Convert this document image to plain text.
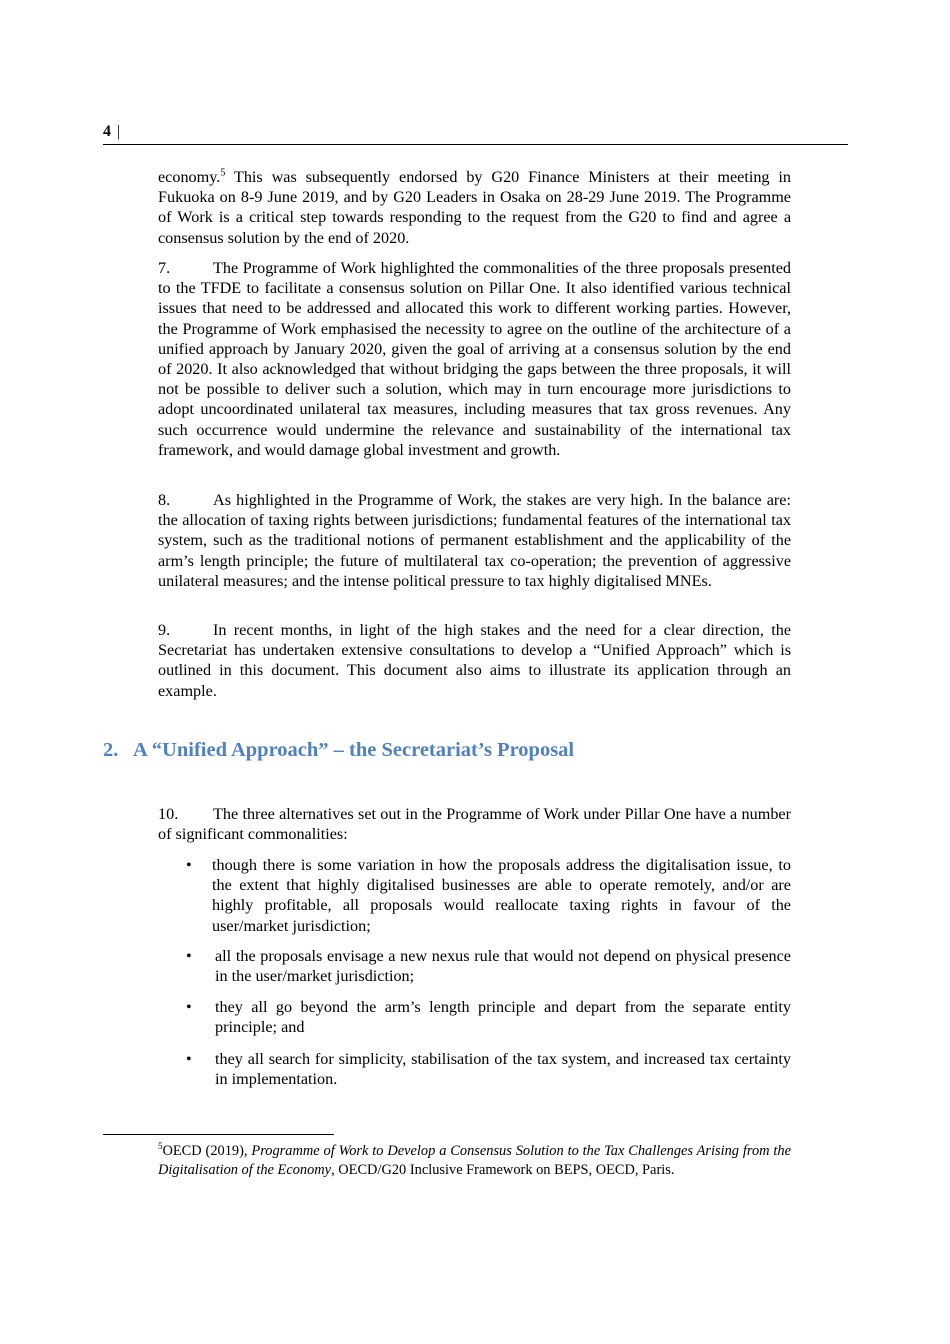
4 |

economy.$^5$ This was subsequently endorsed by G20 Finance Ministers at their meeting in Fukuoka on 8-9 June 2019, and by G20 Leaders in Osaka on 28-29 June 2019. The Programme of Work is a critical step towards responding to the request from the G20 to find and agree a consensus solution by the end of 2020.

7.	The Programme of Work highlighted the commonalities of the three proposals presented to the TFDE to facilitate a consensus solution on Pillar One. It also identified various technical issues that need to be addressed and allocated this work to different working parties. However, the Programme of Work emphasised the necessity to agree on the outline of the architecture of a unified approach by January 2020, given the goal of arriving at a consensus solution by the end of 2020. It also acknowledged that without bridging the gaps between the three proposals, it will not be possible to deliver such a solution, which may in turn encourage more jurisdictions to adopt uncoordinated unilateral tax measures, including measures that tax gross revenues. Any such occurrence would undermine the relevance and sustainability of the international tax framework, and would damage global investment and growth.

8.	As highlighted in the Programme of Work, the stakes are very high. In the balance are: the allocation of taxing rights between jurisdictions; fundamental features of the international tax system, such as the traditional notions of permanent establishment and the applicability of the arm’s length principle; the future of multilateral tax co-operation; the prevention of aggressive unilateral measures; and the intense political pressure to tax highly digitalised MNEs.

9.	In recent months, in light of the high stakes and the need for a clear direction, the Secretariat has undertaken extensive consultations to develop a “Unified Approach” which is outlined in this document. This document also aims to illustrate its application through an example.

2. A “Unified Approach” – the Secretariat’s Proposal

10. The three alternatives set out in the Programme of Work under Pillar One have a number of significant commonalities:

• though there is some variation in how the proposals address the digitalisation issue, to the extent that highly digitalised businesses are able to operate remotely, and/or are highly profitable, all proposals would reallocate taxing rights in favour of the user/market jurisdiction;
• all the proposals envisage a new nexus rule that would not depend on physical presence in the user/market jurisdiction;
• they all go beyond the arm’s length principle and depart from the separate entity principle; and
• they all search for simplicity, stabilisation of the tax system, and increased tax certainty in implementation.
$^5$OECD (2019), Programme of Work to Develop a Consensus Solution to the Tax Challenges Arising from the Digitalisation of the Economy, OECD/G20 Inclusive Framework on BEPS, OECD, Paris.
